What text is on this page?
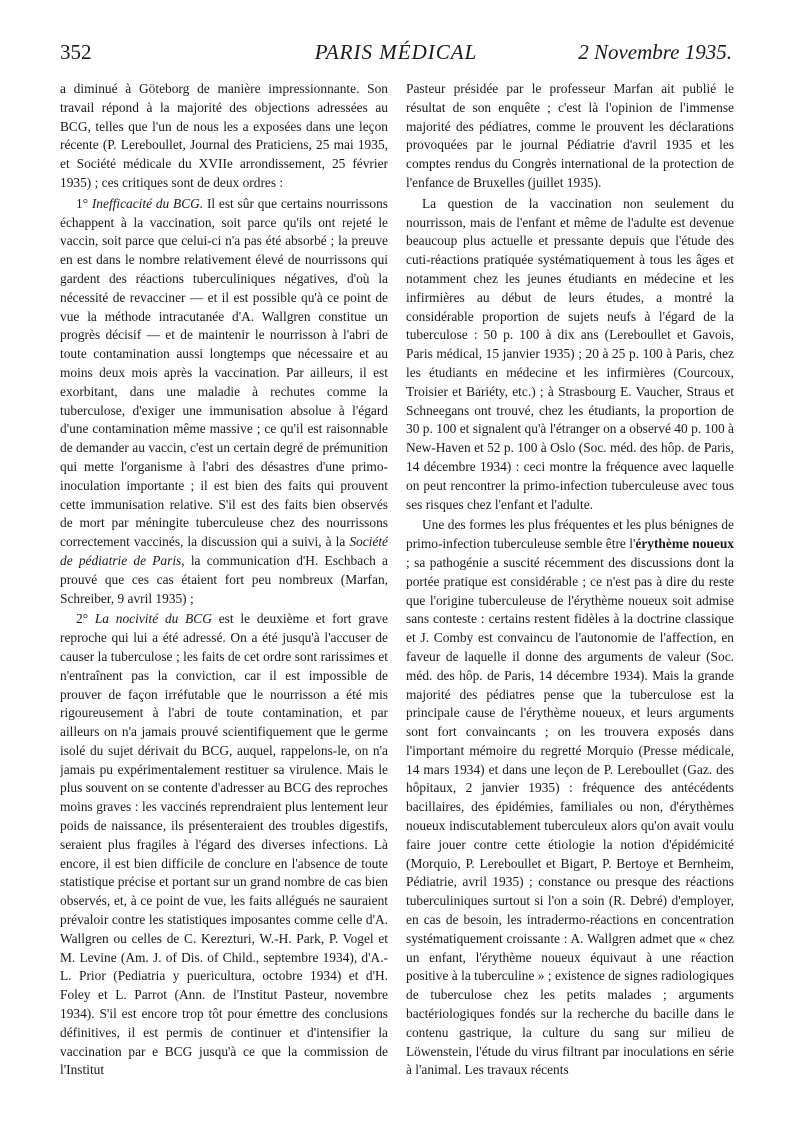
352	PARIS MÉDICAL	2 Novembre 1935.

a diminué à Göteborg de manière impressionnante. Son travail répond à la majorité des objections adressées au BCG, telles que l'un de nous les a exposées dans une leçon récente (P. Lereboullet, Journal des Praticiens, 25 mai 1935, et Société médicale du XVIIe arrondissement, 25 février 1935) ; ces critiques sont de deux ordres :

1° Inefficacité du BCG. Il est sûr que certains nourrissons échappent à la vaccination, soit parce qu'ils ont rejeté le vaccin, soit parce que celui-ci n'a pas été absorbé ; la preuve en est dans le nombre relativement élevé de nourrissons qui gardent des réactions tuberculiniques négatives, d'où la nécessité de revacciner — et il est possible qu'à ce point de vue la méthode intracutanée d'A. Wallgren constitue un progrès décisif — et de maintenir le nourrisson à l'abri de toute contamination aussi longtemps que nécessaire et au moins deux mois après la vaccination. Par ailleurs, il est exorbitant, dans une maladie à rechutes comme la tuberculose, d'exiger une immunisation absolue à l'égard d'une contamination même massive ; ce qu'il est raisonnable de demander au vaccin, c'est un certain degré de prémunition qui mette l'organisme à l'abri des désastres d'une primo-inoculation importante ; il est bien des faits qui prouvent cette immunisation relative. S'il est des faits bien observés de mort par méningite tuberculeuse chez des nourrissons correctement vaccinés, la discussion qui a suivi, à la Société de pédiatrie de Paris, la communication d'H. Eschbach a prouvé que ces cas étaient fort peu nombreux (Marfan, Schreiber, 9 avril 1935) ;

2° La nocivité du BCG est le deuxième et fort grave reproche qui lui a été adressé. On a été jusqu'à l'accuser de causer la tuberculose ; les faits de cet ordre sont rarissimes et n'entraînent pas la conviction, car il est impossible de prouver de façon irréfutable que le nourrisson a été mis rigoureusement à l'abri de toute contamination, et par ailleurs on n'a jamais prouvé scientifiquement que le germe isolé du sujet dérivait du BCG, auquel, rappelons-le, on n'a jamais pu expérimentalement restituer sa virulence. Mais le plus souvent on se contente d'adresser au BCG des reproches moins graves : les vaccinés reprendraient plus lentement leur poids de naissance, ils présenteraient des troubles digestifs, seraient plus fragiles à l'égard des diverses infections. Là encore, il est bien difficile de conclure en l'absence de toute statistique précise et portant sur un grand nombre de cas bien observés, et, à ce point de vue, les faits allégués ne sauraient prévaloir contre les statistiques imposantes comme celle d'A. Wallgren ou celles de C. Kerezturi, W.-H. Park, P. Vogel et M. Levine (Am. J. of Dis. of Child., septembre 1934), d'A.-L. Prior (Pediatria y puericultura, octobre 1934) et d'H. Foley et L. Parrot (Ann. de l'Institut Pasteur, novembre 1934). S'il est encore trop tôt pour émettre des conclusions définitives, il est permis de continuer et d'intensifier la vaccination par e BCG jusqu'à ce que la commission de l'Institut

Pasteur présidée par le professeur Marfan ait publié le résultat de son enquête ; c'est là l'opinion de l'immense majorité des pédiatres, comme le prouvent les déclarations provoquées par le journal Pédiatrie d'avril 1935 et les comptes rendus du Congrès international de la protection de l'enfance de Bruxelles (juillet 1935).

La question de la vaccination non seulement du nourrisson, mais de l'enfant et même de l'adulte est devenue beaucoup plus actuelle et pressante depuis que l'étude des cuti-réactions pratiquée systématiquement à tous les âges et notamment chez les jeunes étudiants en médecine et les infirmières au début de leurs études, a montré la considérable proportion de sujets neufs à l'égard de la tuberculose : 50 p. 100 à dix ans (Lereboullet et Gavois, Paris médical, 15 janvier 1935) ; 20 à 25 p. 100 à Paris, chez les étudiants en médecine et les infirmières (Courcoux, Troisier et Bariéty, etc.) ; à Strasbourg E. Vaucher, Straus et Schneegans ont trouvé, chez les étudiants, la proportion de 30 p. 100 et signalent qu'à l'étranger on a observé 40 p. 100 à New-Haven et 52 p. 100 à Oslo (Soc. méd. des hôp. de Paris, 14 décembre 1934) : ceci montre la fréquence avec laquelle on peut rencontrer la primo-infection tuberculeuse avec tous ses risques chez l'enfant et l'adulte.

Une des formes les plus fréquentes et les plus bénignes de primo-infection tuberculeuse semble être l'érythème noueux ; sa pathogénie a suscité récemment des discussions dont la portée pratique est considérable ; ce n'est pas à dire du reste que l'origine tuberculeuse de l'érythème noueux soit admise sans conteste : certains restent fidèles à la doctrine classique et J. Comby est convaincu de l'autonomie de l'affection, en faveur de laquelle il donne des arguments de valeur (Soc. méd. des hôp. de Paris, 14 décembre 1934). Mais la grande majorité des pédiatres pense que la tuberculose est la principale cause de l'érythème noueux, et leurs arguments sont fort convaincants ; on les trouvera exposés dans l'important mémoire du regretté Morquio (Presse médicale, 14 mars 1934) et dans une leçon de P. Lereboullet (Gaz. des hôpitaux, 2 janvier 1935) : fréquence des antécédents bacillaires, des épidémies, familiales ou non, d'érythèmes noueux indiscutablement tuberculeux alors qu'on avait voulu faire jouer contre cette étiologie la notion d'épidémicité (Morquio, P. Lereboullet et Bigart, P. Bertoye et Bernheim, Pédiatrie, avril 1935) ; constance ou presque des réactions tuberculiniques surtout si l'on a soin (R. Debré) d'employer, en cas de besoin, les intradermo-réactions en concentration systématiquement croissante : A. Wallgren admet que « chez un enfant, l'érythème noueux équivaut à une réaction positive à la tuberculine » ; existence de signes radiologiques de tuberculose chez les petits malades ; arguments bactériologiques fondés sur la recherche du bacille dans le contenu gastrique, la culture du sang sur milieu de Löwenstein, l'étude du virus filtrant par inoculations en série à l'animal. Les travaux récents
